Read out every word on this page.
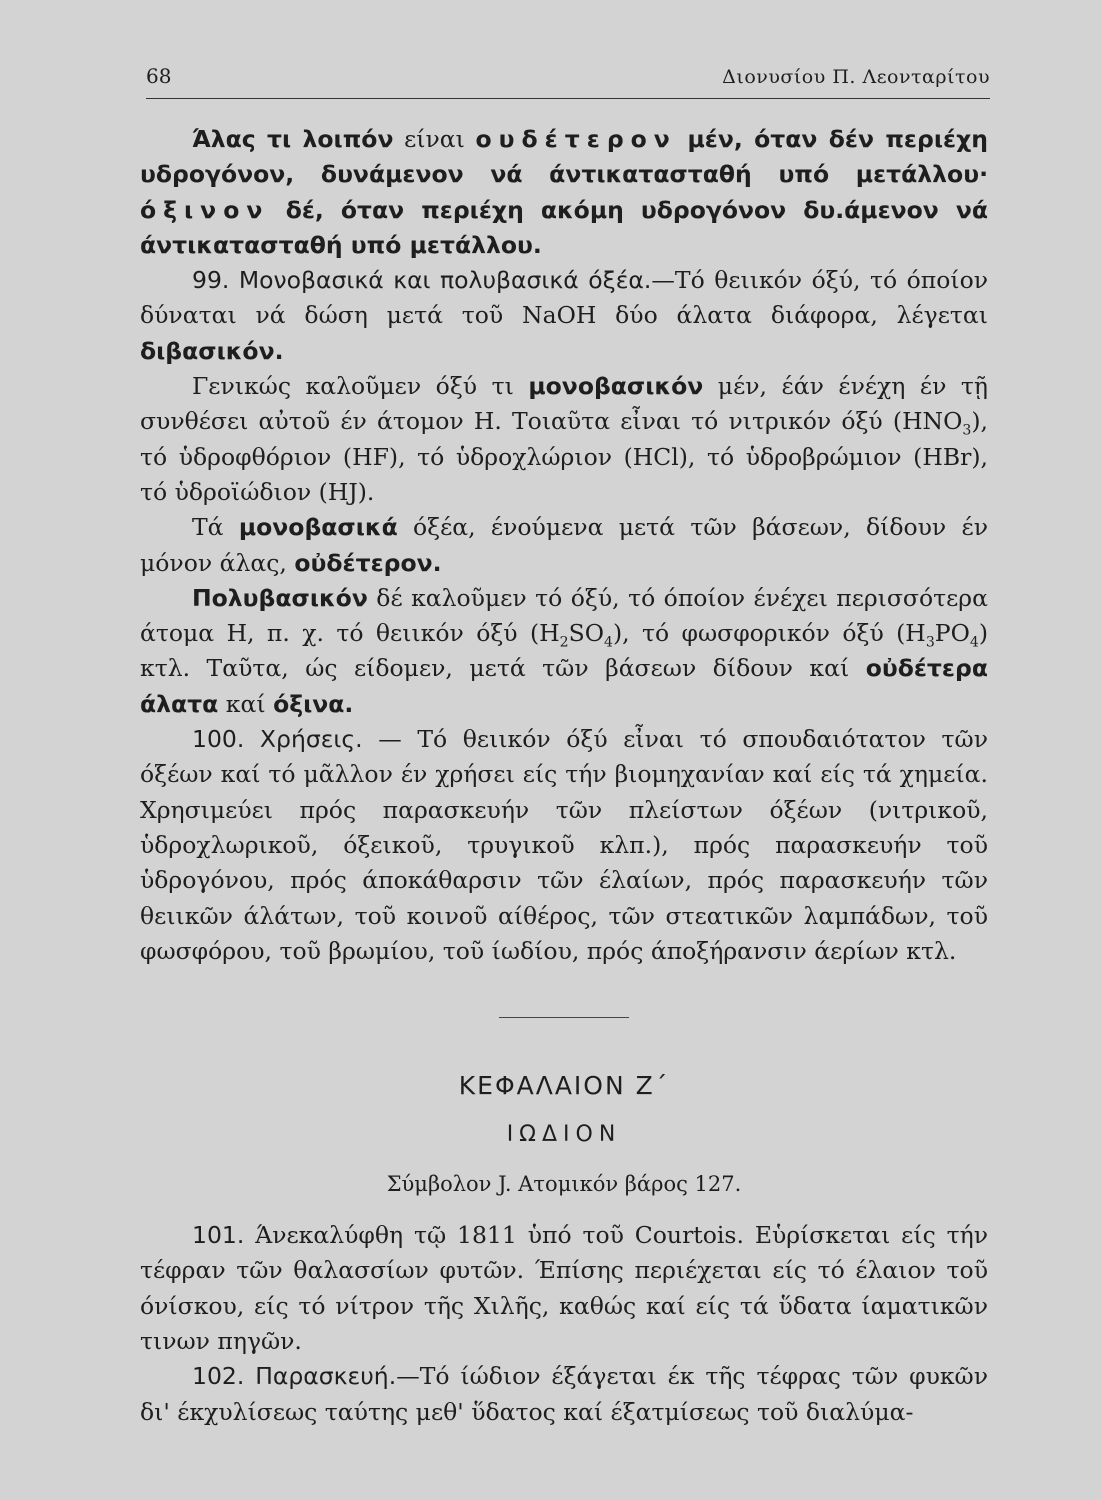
68	Διονυσίου Π. Λεονταρίτου

Άλας τι λοιπόν είναι ουδέτερον μέν, όταν δέν περιέχη υδρογόνον, δυνάμενον νά άντικατασταθή υπό μετάλλου· όξινον δέ, όταν περιέχη ακόμη υδρογόνον δυ.άμενον νά άντικατασταθή υπό μετάλλου.

99. Μονοβασικά και πολυβασικά όξέα.—Τό θειικόν όξύ, τό όποίον δύναται νά δώση μετά τοῦ NaOH δύο άλατα διάφορα, λέγεται διβασικόν.

Γενικώς καλοῦμεν όξύ τι μονοβασικόν μέν, έάν ένέχη έν τῇ συνθέσει αὐτοῦ έν άτομον H. Τοιαῦτα εἶναι τό νιτρικόν όξύ $(HNO_3)$, τό ὑδροφθόριον (HF), τό ὑδροχλώριον (HCl), τό ὑδροβρώμιον (HBr), τό ὑδροϊώδιον (HJ).

Τά μονοβασικά όξέα, ένούμενα μετά τῶν βάσεων, δίδουν έν μόνον άλας, οὐδέτερον.

Πολυβασικόν δέ καλοῦμεν τό όξύ, τό όποίον ένέχει περισσότερα άτομα H, π. χ. τό θειικόν όξύ $(H_2SO_4)$, τό φωσφορικόν όξύ $(H_3PO_4)$ κτλ. Ταῦτα, ώς είδομεν, μετά τῶν βάσεων δίδουν καί οὐδέτερα άλατα καί όξινα.

100. Χρήσεις. — Τό θειικόν όξύ εἶναι τό σπουδαιότατον τῶν όξέων καί τό μᾶλλον έν χρήσει είς τήν βιομηχανίαν καί είς τά χημεία. Χρησιμεύει πρός παρασκευήν τῶν πλείστων όξέων (νιτρικοῦ, ὑδροχλωρικοῦ, όξεικοῦ, τρυγικοῦ κλπ.), πρός παρασκευήν τοῦ ὑδρογόνου, πρός άποκάθαρσιν τῶν έλαίων, πρός παρασκευήν τῶν θειικῶν άλάτων, τοῦ κοινοῦ αίθέρος, τῶν στεατικῶν λαμπάδων, τοῦ φωσφόρου, τοῦ βρωμίου, τοῦ ίωδίου, πρός άποξήρανσιν άερίων κτλ.

ΚΕΦΑΛΑΙΟΝ Ζ΄

ΙΩΔΙΟΝ

Σύμβολον J. Ατομικόν βάρος 127.

101. Άνεκαλύφθη τῷ 1811 ὑπό τοῦ Courtois. Εὑρίσκεται είς τήν τέφραν τῶν θαλασσίων φυτῶν. Έπίσης περιέχεται είς τό έλαιον τοῦ όνίσκου, είς τό νίτρον τῆς Χιλῆς, καθώς καί είς τά ὕδατα ίαματικῶν τινων πηγῶν.

102. Παρασκευή.—Τό ίώδιον έξάγεται έκ τῆς τέφρας τῶν φυκῶν δι' έκχυλίσεως ταύτης μεθ' ὕδατος καί έξατμίσεως τοῦ διαλύμα-
